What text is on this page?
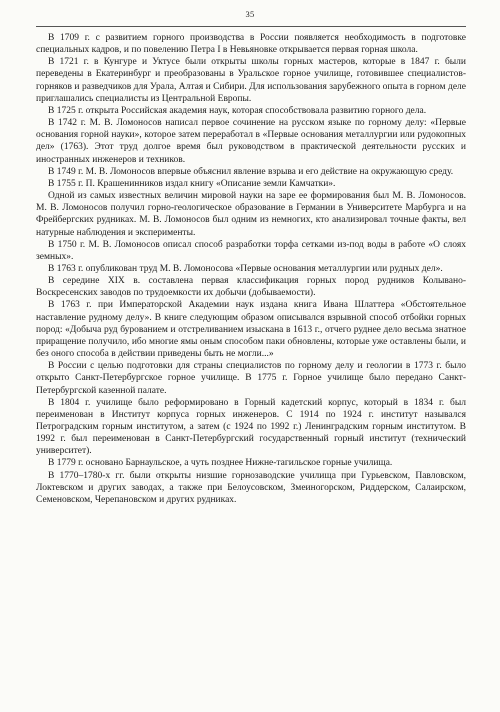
35

В 1709 г. с развитием горного производства в России появляется необходимость в подготовке специальных кадров, и по повелению Петра I в Невьяновке открывается первая горная школа.

В 1721 г. в Кунгуре и Уктусе были открыты школы горных мастеров, которые в 1847 г. были переведены в Екатеринбург и преобразованы в Уральское горное училище, готовившее специалистов-горняков и разведчиков для Урала, Алтая и Сибири. Для использования зарубежного опыта в горном деле приглашались специалисты из Центральной Европы.

В 1725 г. открыта Российская академия наук, которая способствовала развитию горного дела.

В 1742 г. М. В. Ломоносов написал первое сочинение на русском языке по горному делу: «Первые основания горной науки», которое затем переработал в «Первые основания металлургии или рудокопных дел» (1763). Этот труд долгое время был руководством в практической деятельности русских и иностранных инженеров и техников.

В 1749 г. М. В. Ломоносов впервые объяснил явление взрыва и его действие на окружающую среду.

В 1755 г. П. Крашенинников издал книгу «Описание земли Камчатки».

Одной из самых известных величин мировой науки на заре ее формирования был М. В. Ломоносов. М. В. Ломоносов получил горно-геологическое образование в Германии в Университете Марбурга и на Фрейбергских рудниках. М. В. Ломоносов был одним из немногих, кто анализировал точные факты, вел натурные наблюдения и эксперименты.

В 1750 г. М. В. Ломоносов описал способ разработки торфа сетками из-под воды в работе «О слоях земных».

В 1763 г. опубликован труд М. В. Ломоносова «Первые основания металлургии или рудных дел».

В середине XIX в. составлена первая классификация горных пород рудников Колывано-Воскресенских заводов по трудоемкости их добычи (добываемости).

В 1763 г. при Императорской Академии наук издана книга Ивана Шлаттера «Обстоятельное наставление рудному делу». В книге следующим образом описывался взрывной способ отбойки горных пород: «Добыча руд бурованием и отстреливанием изыскана в 1613 г., отчего руднее дело весьма знатное приращение получило, ибо многие ямы оным способом паки обновлены, которые уже оставлены были, и без оного способа в действии приведены быть не могли...»

В России с целью подготовки для страны специалистов по горному делу и геологии в 1773 г. было открыто Санкт-Петербургское горное училище. В 1775 г. Горное училище было передано Санкт-Петербургской казенной палате.

В 1804 г. училище было реформировано в Горный кадетский корпус, который в 1834 г. был переименован в Институт корпуса горных инженеров. С 1914 по 1924 г. институт назывался Петроградским горным институтом, а затем (с 1924 по 1992 г.) Ленинградским горным институтом. В 1992 г. был переименован в Санкт-Петербургский государственный горный институт (технический университет).

В 1779 г. основано Барнаульское, а чуть позднее Нижне-тагильское горные училища.

В 1770–1780-х гг. были открыты низшие горнозаводские училища при Гурьевском, Павловском, Локтевском и других заводах, а также при Белоусовском, Змеиногорском, Риддерском, Салаирском, Семеновском, Черепановском и других рудниках.
